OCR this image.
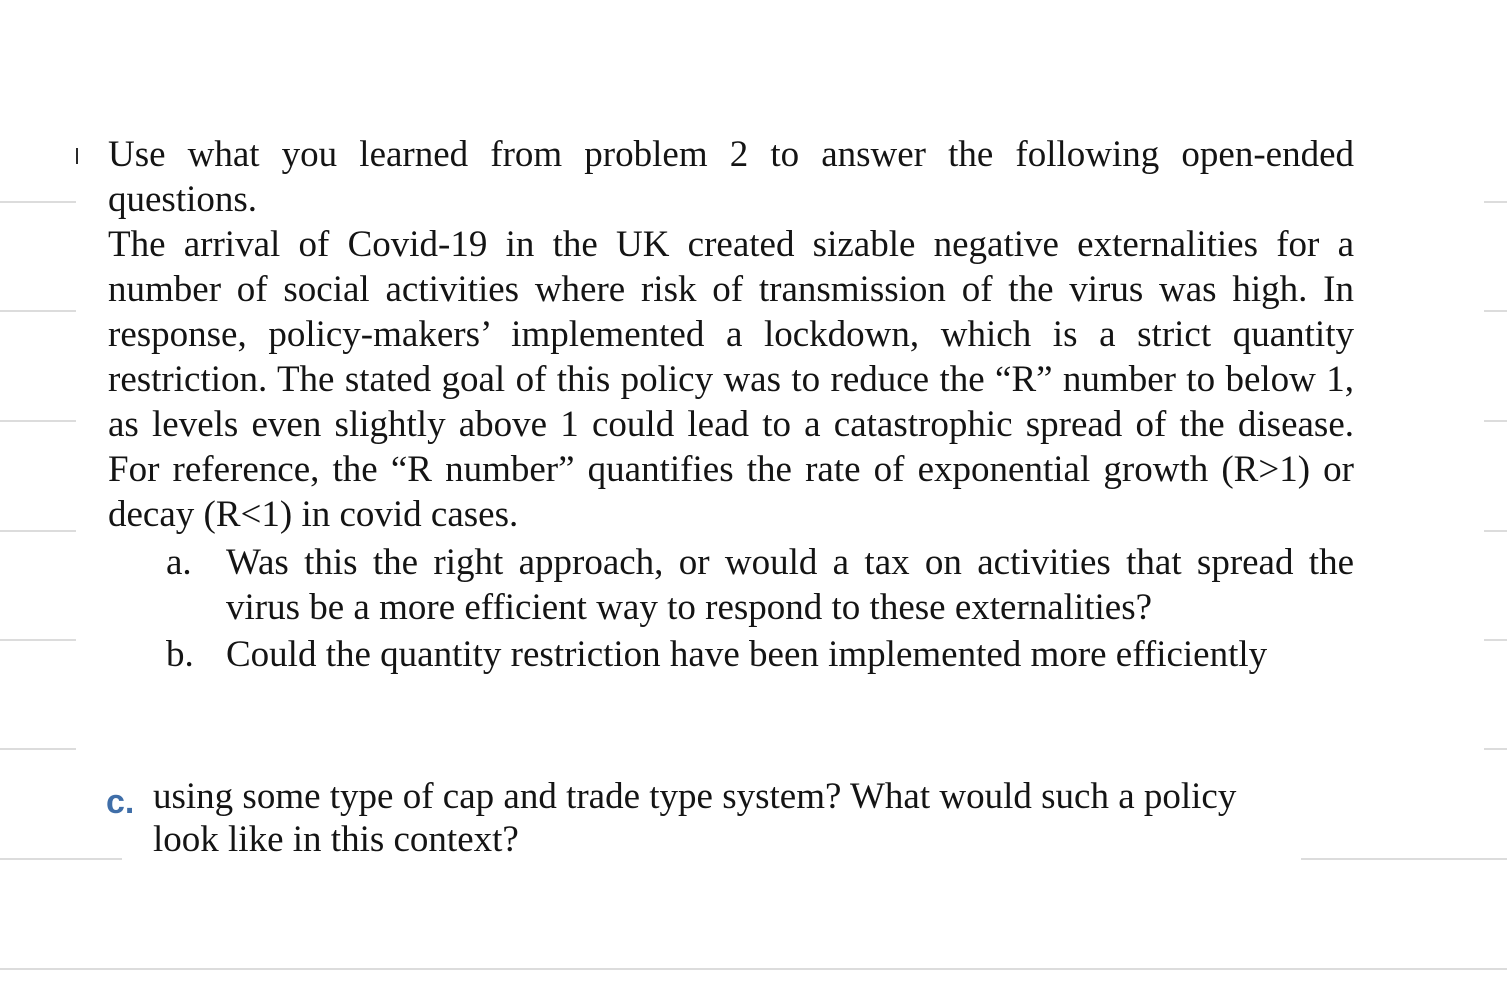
Use what you learned from problem 2 to answer the following open-ended questions.
The arrival of Covid-19 in the UK created sizable negative externalities for a number of social activities where risk of transmission of the virus was high. In response, policy-makers’ implemented a lockdown, which is a strict quantity restriction. The stated goal of this policy was to reduce the “R” number to below 1, as levels even slightly above 1 could lead to a catastrophic spread of the disease. For reference, the “R number” quantifies the rate of exponential growth (R>1) or decay (R<1) in covid cases.
a. Was this the right approach, or would a tax on activities that spread the virus be a more efficient way to respond to these externalities?
b. Could the quantity restriction have been implemented more efficiently
c. using some type of cap and trade type system? What would such a policy look like in this context?
